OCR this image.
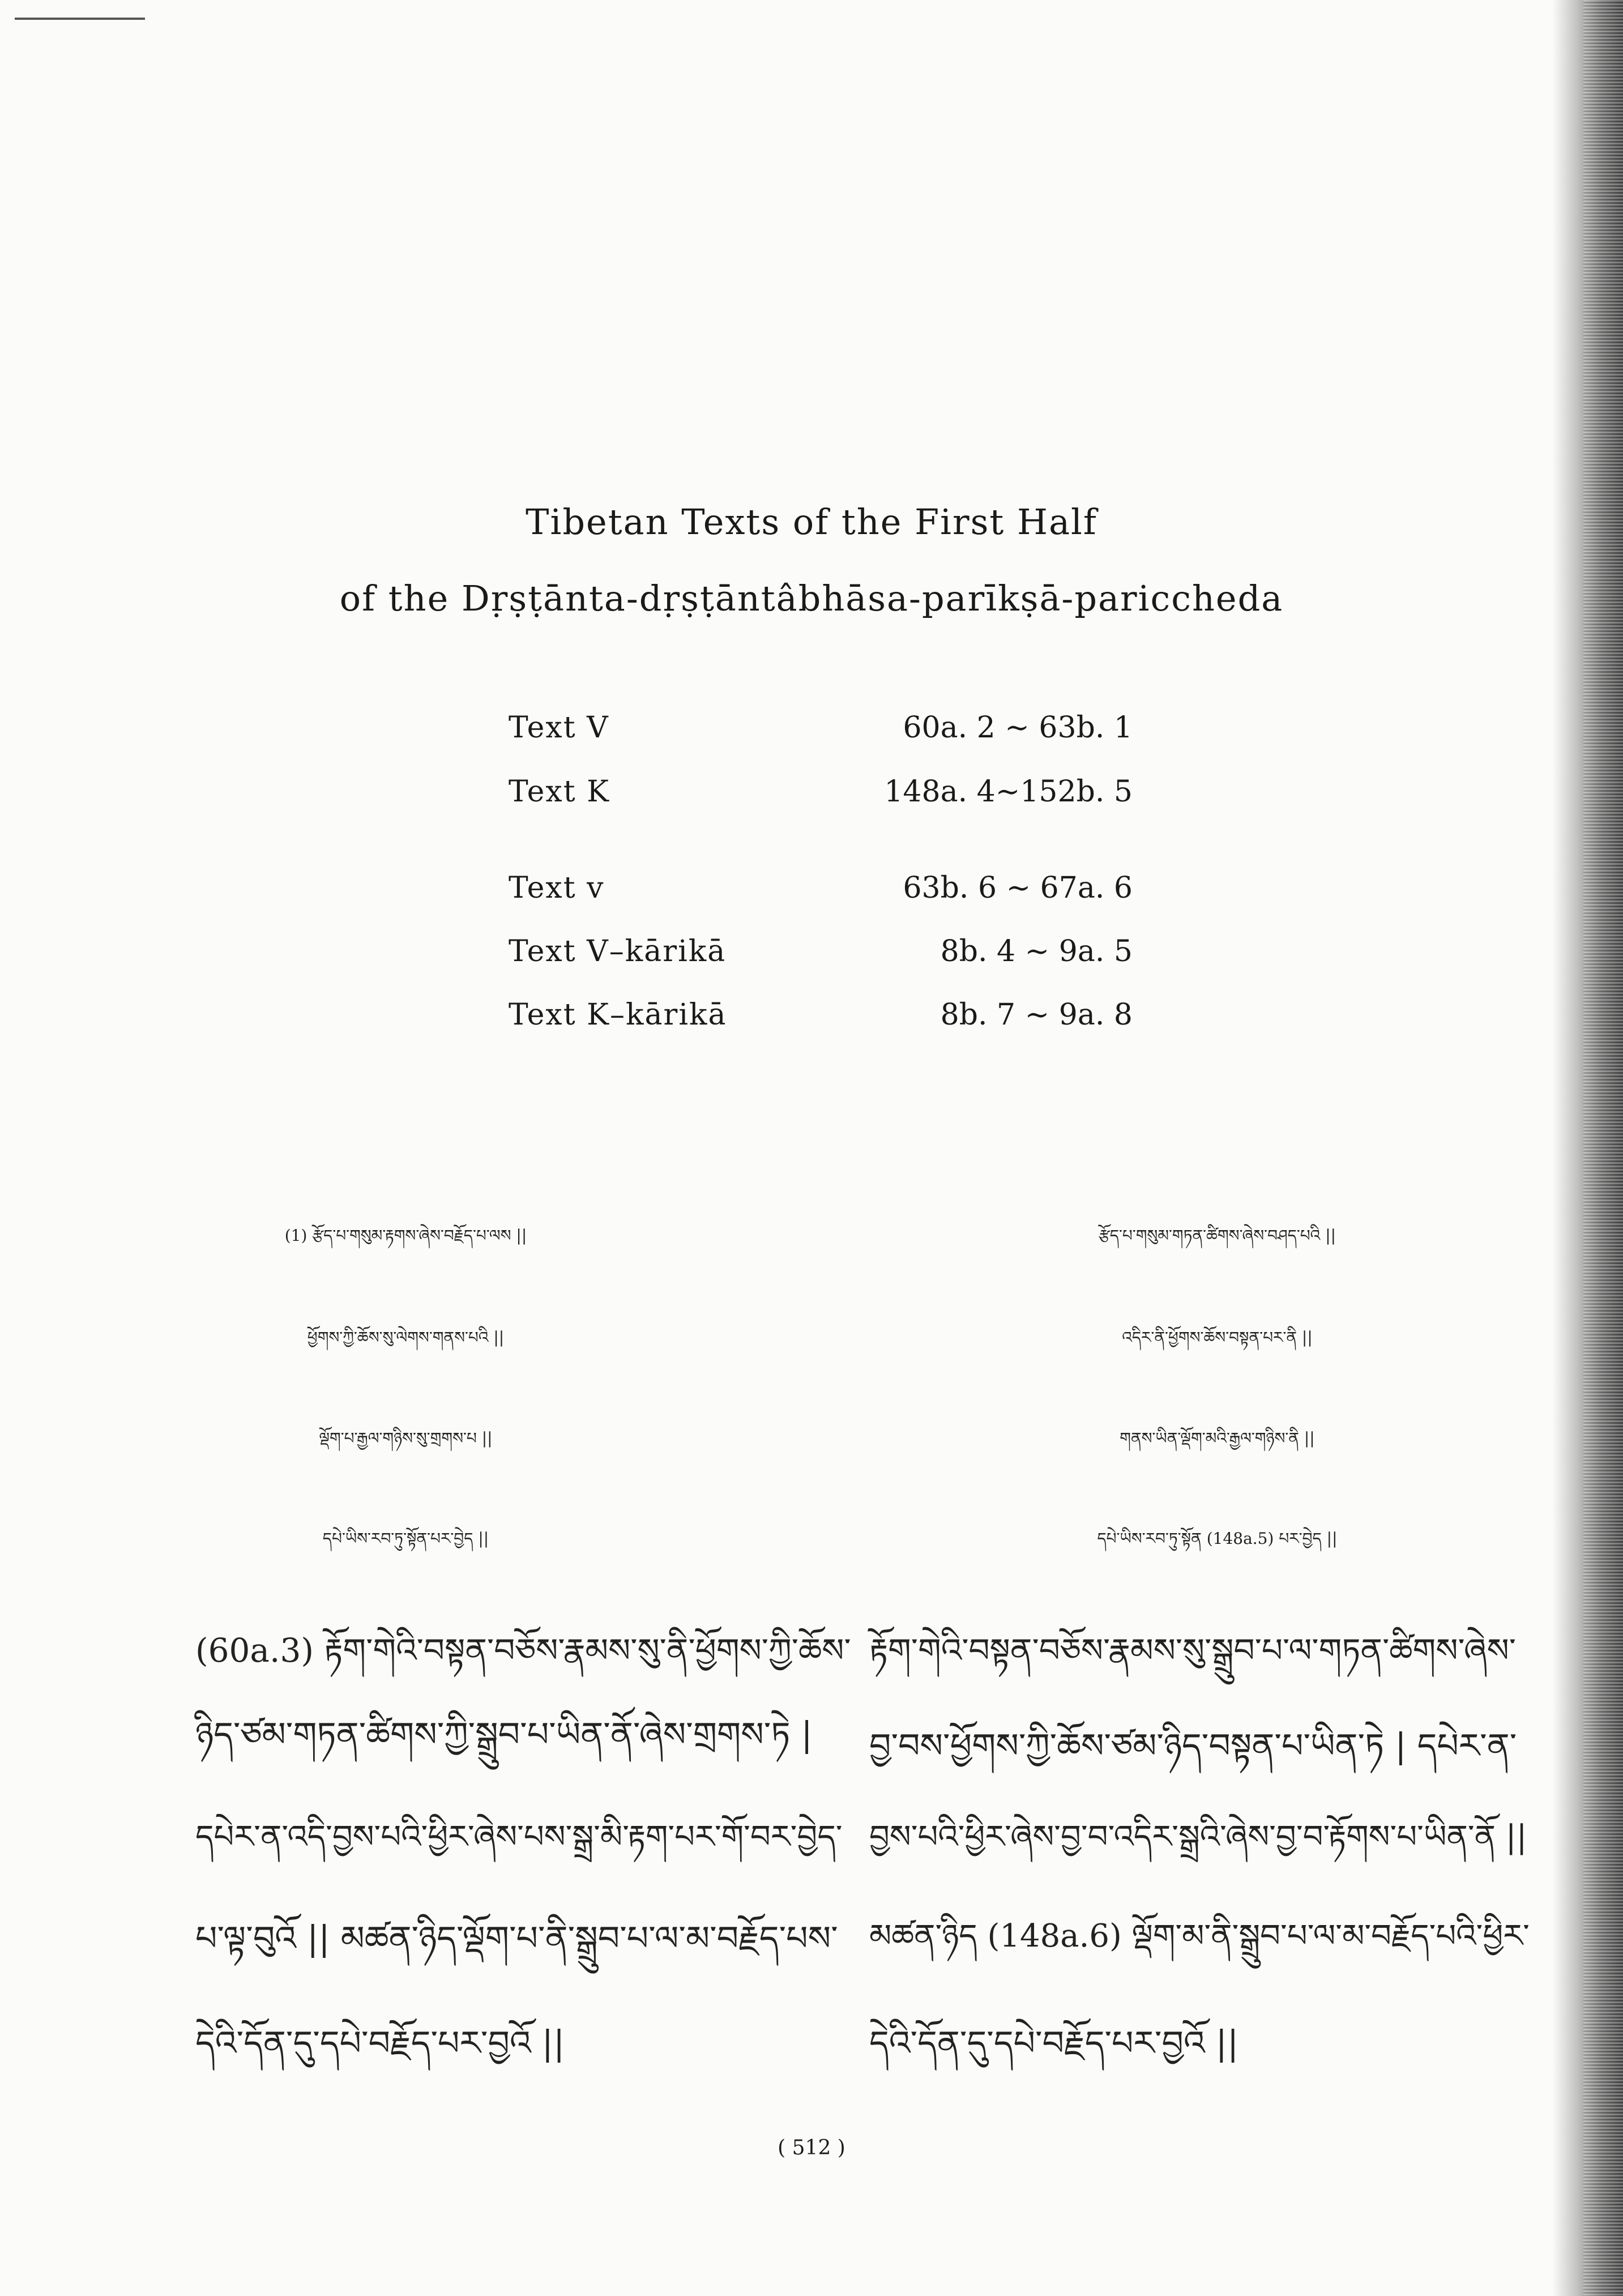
Tibetan Texts of the First Half
of the Dṛṣṭānta-dṛṣṭāntâbhāsa-parīkṣā-pariccheda
Text V	60a. 2 ∼ 63b. 1
Text K	148a. 4∼152b. 5
Text v	63b. 6 ∼ 67a. 6
Text V–kārikā	8b. 4 ∼ 9a. 5
Text K–kārikā	8b. 7 ∼ 9a. 8
(1) རྩོད་པ་གསུམ་རྟགས་ཞེས་བརྗོད་པ་ལས ||
ཕྱོགས་ཀྱི་ཆོས་སུ་ལེགས་གནས་པའི ||
ལྡོག་པ་རྒྱལ་གཉིས་སུ་གྲགས་པ ||
དཔེ་ཡིས་རབ་ཏུ་སྟོན་པར་བྱེད ||
(60a.3) རྟོག་གེའི་བསྟན་བཅོས་རྣམས་སུ་ནི་ཕྱོགས་ཀྱི་ཆོས་
ཉིད་ཙམ་གཏན་ཚིགས་ཀྱི་སྒྲུབ་པ་ཡིན་ནོ་ཞེས་གྲགས་ཏེ |
དཔེར་ན་འདི་བྱས་པའི་ཕྱིར་ཞེས་པས་སྒྲ་མི་རྟག་པར་གོ་བར་བྱེད་
པ་ལྟ་བུའོ || མཚན་ཉིད་ལྡོག་པ་ནི་སྒྲུབ་པ་ལ་མ་བརྗོད་པས་
དེའི་དོན་དུ་དཔེ་བརྗོད་པར་བྱའོ ||
རྩོད་པ་གསུམ་གཏན་ཚིགས་ཞེས་བཤད་པའི ||
འདིར་ནི་ཕྱོགས་ཆོས་བསྟན་པར་ནི ||
གནས་ཡིན་ལྡོག་མའི་རྒྱལ་གཉིས་ནི ||
དཔེ་ཡིས་རབ་ཏུ་སྟོན (148a.5) པར་བྱེད ||
རྟོག་གེའི་བསྟན་བཅོས་རྣམས་སུ་སྒྲུབ་པ་ལ་གཏན་ཚིགས་ཞེས་
བྱ་བས་ཕྱོགས་ཀྱི་ཆོས་ཙམ་ཉིད་བསྟན་པ་ཡིན་ཏེ | དཔེར་ན་
བྱས་པའི་ཕྱིར་ཞེས་བྱ་བ་འདིར་སྒྲའི་ཞེས་བྱ་བ་རྟོགས་པ་ཡིན་ནོ ||
མཚན་ཉིད (148a.6) ལྡོག་མ་ནི་སྒྲུབ་པ་ལ་མ་བརྗོད་པའི་ཕྱིར་
དེའི་དོན་དུ་དཔེ་བརྗོད་པར་བྱའོ ||
( 512 )
